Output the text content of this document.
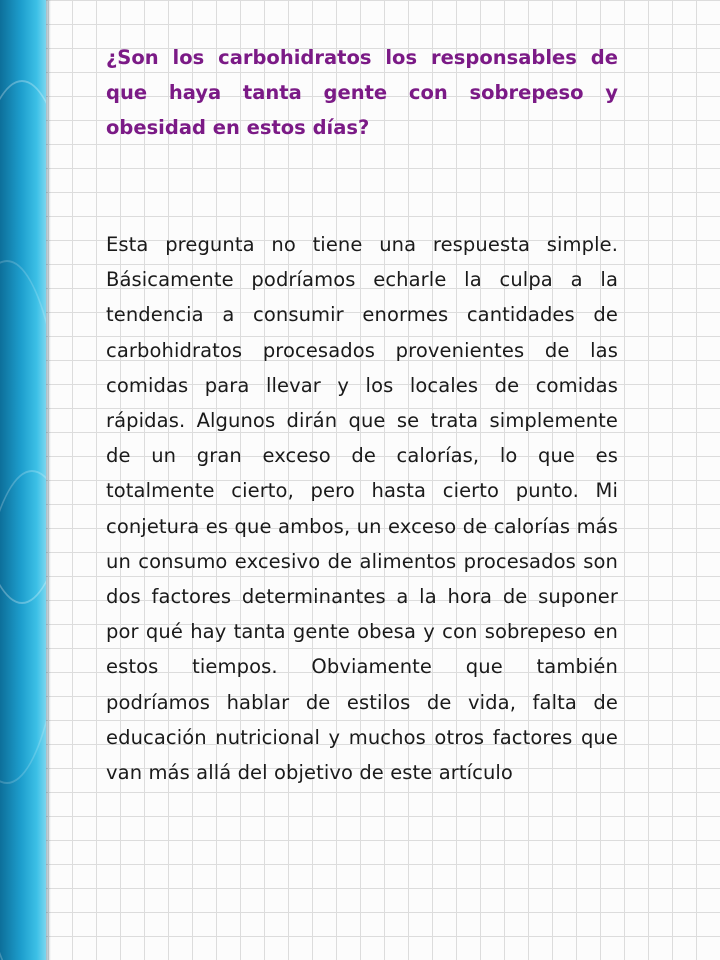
¿Son los carbohidratos los responsables de que haya tanta gente con sobrepeso y obesidad en estos días?

Esta pregunta no tiene una respuesta simple. Básicamente podríamos echarle la culpa a la tendencia a consumir enormes cantidades de carbohidratos procesados provenientes de las comidas para llevar y los locales de comidas rápidas. Algunos dirán que se trata simplemente de un gran exceso de calorías, lo que es totalmente cierto, pero hasta cierto punto. Mi conjetura es que ambos, un exceso de calorías más un consumo excesivo de alimentos procesados son dos factores determinantes a la hora de suponer por qué hay tanta gente obesa y con sobrepeso en estos tiempos. Obviamente que también podríamos hablar de estilos de vida, falta de educación nutricional y muchos otros factores que van más allá del objetivo de este artículo
